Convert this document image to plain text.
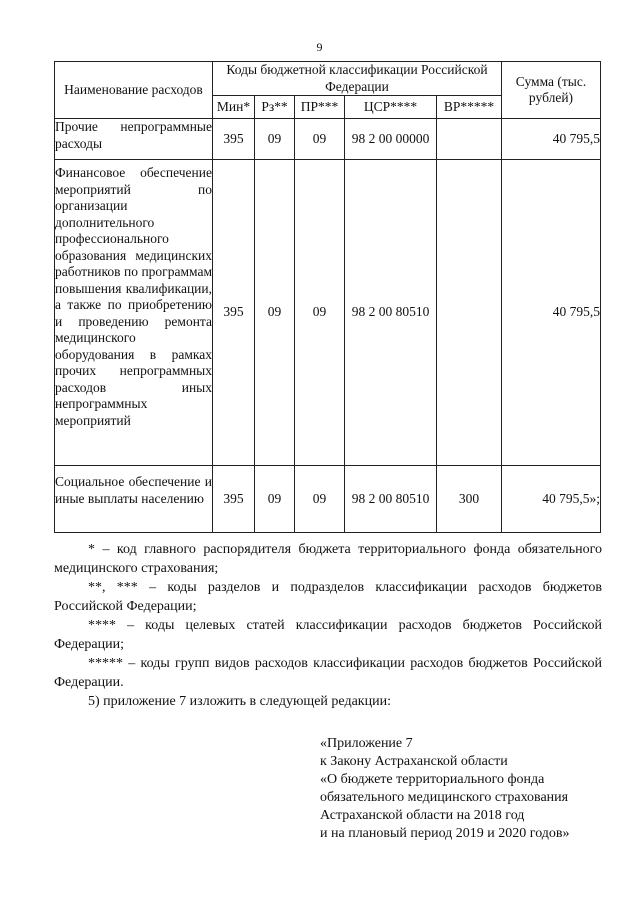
9
Наименование расходов	Коды бюджетной классификации Российской Федерации					Сумма (тыс. рублей)
	Мин*	Рз**	ПР***	ЦСР****	ВР*****	
Прочие непрограммные расходы	395	09	09	98 2 00 00000		40 795,5
Финансовое обеспечение мероприятий по организации дополнительного профессионального образования медицинских работников по программам повышения квалификации, а также по приобретению и проведению ремонта медицинского оборудования в рамках прочих непрограммных расходов иных непрограммных мероприятий	395	09	09	98 2 00 80510		40 795,5
Социальное обеспечение и иные выплаты населению	395	09	09	98 2 00 80510	300	40 795,5»;

* – код главного распорядителя бюджета территориального фонда обязательного медицинского страхования;

**, *** – коды разделов и подразделов классификации расходов бюджетов Российской Федерации;

**** – коды целевых статей классификации расходов бюджетов Российской Федерации;

***** – коды групп видов расходов классификации расходов бюджетов Российской Федерации.

5) приложение 7 изложить в следующей редакции:
«Приложение 7
к Закону Астраханской области
«О бюджете территориального фонда
обязательного медицинского страхования
Астраханской области на 2018 год
и на плановый период 2019 и 2020 годов»
